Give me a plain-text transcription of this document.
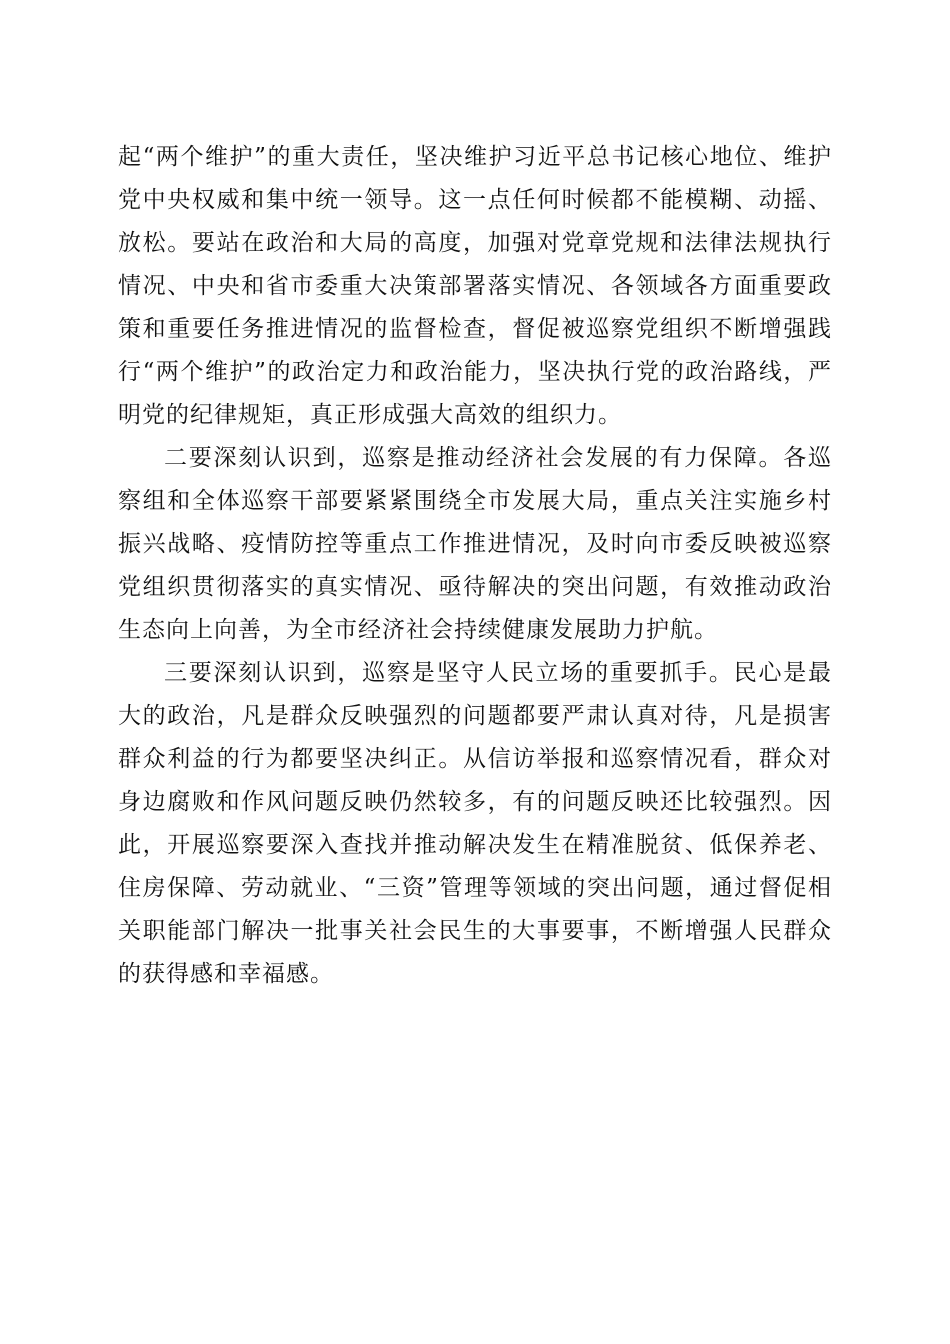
起“两个维护”的重大责任，坚决维护习近平总书记核心地位、维护党中央权威和集中统一领导。这一点任何时候都不能模糊、动摇、放松。要站在政治和大局的高度，加强对党章党规和法律法规执行情况、中央和省市委重大决策部署落实情况、各领域各方面重要政策和重要任务推进情况的监督检查，督促被巡察党组织不断增强践行“两个维护”的政治定力和政治能力，坚决执行党的政治路线，严明党的纪律规矩，真正形成强大高效的组织力。

二要深刻认识到，巡察是推动经济社会发展的有力保障。各巡察组和全体巡察干部要紧紧围绕全市发展大局，重点关注实施乡村振兴战略、疫情防控等重点工作推进情况，及时向市委反映被巡察党组织贯彻落实的真实情况、亟待解决的突出问题，有效推动政治生态向上向善，为全市经济社会持续健康发展助力护航。

三要深刻认识到，巡察是坚守人民立场的重要抓手。民心是最大的政治，凡是群众反映强烈的问题都要严肃认真对待，凡是损害群众利益的行为都要坚决纠正。从信访举报和巡察情况看，群众对身边腐败和作风问题反映仍然较多，有的问题反映还比较强烈。因此，开展巡察要深入查找并推动解决发生在精准脱贫、低保养老、住房保障、劳动就业、“三资”管理等领域的突出问题，通过督促相关职能部门解决一批事关社会民生的大事要事，不断增强人民群众的获得感和幸福感。
